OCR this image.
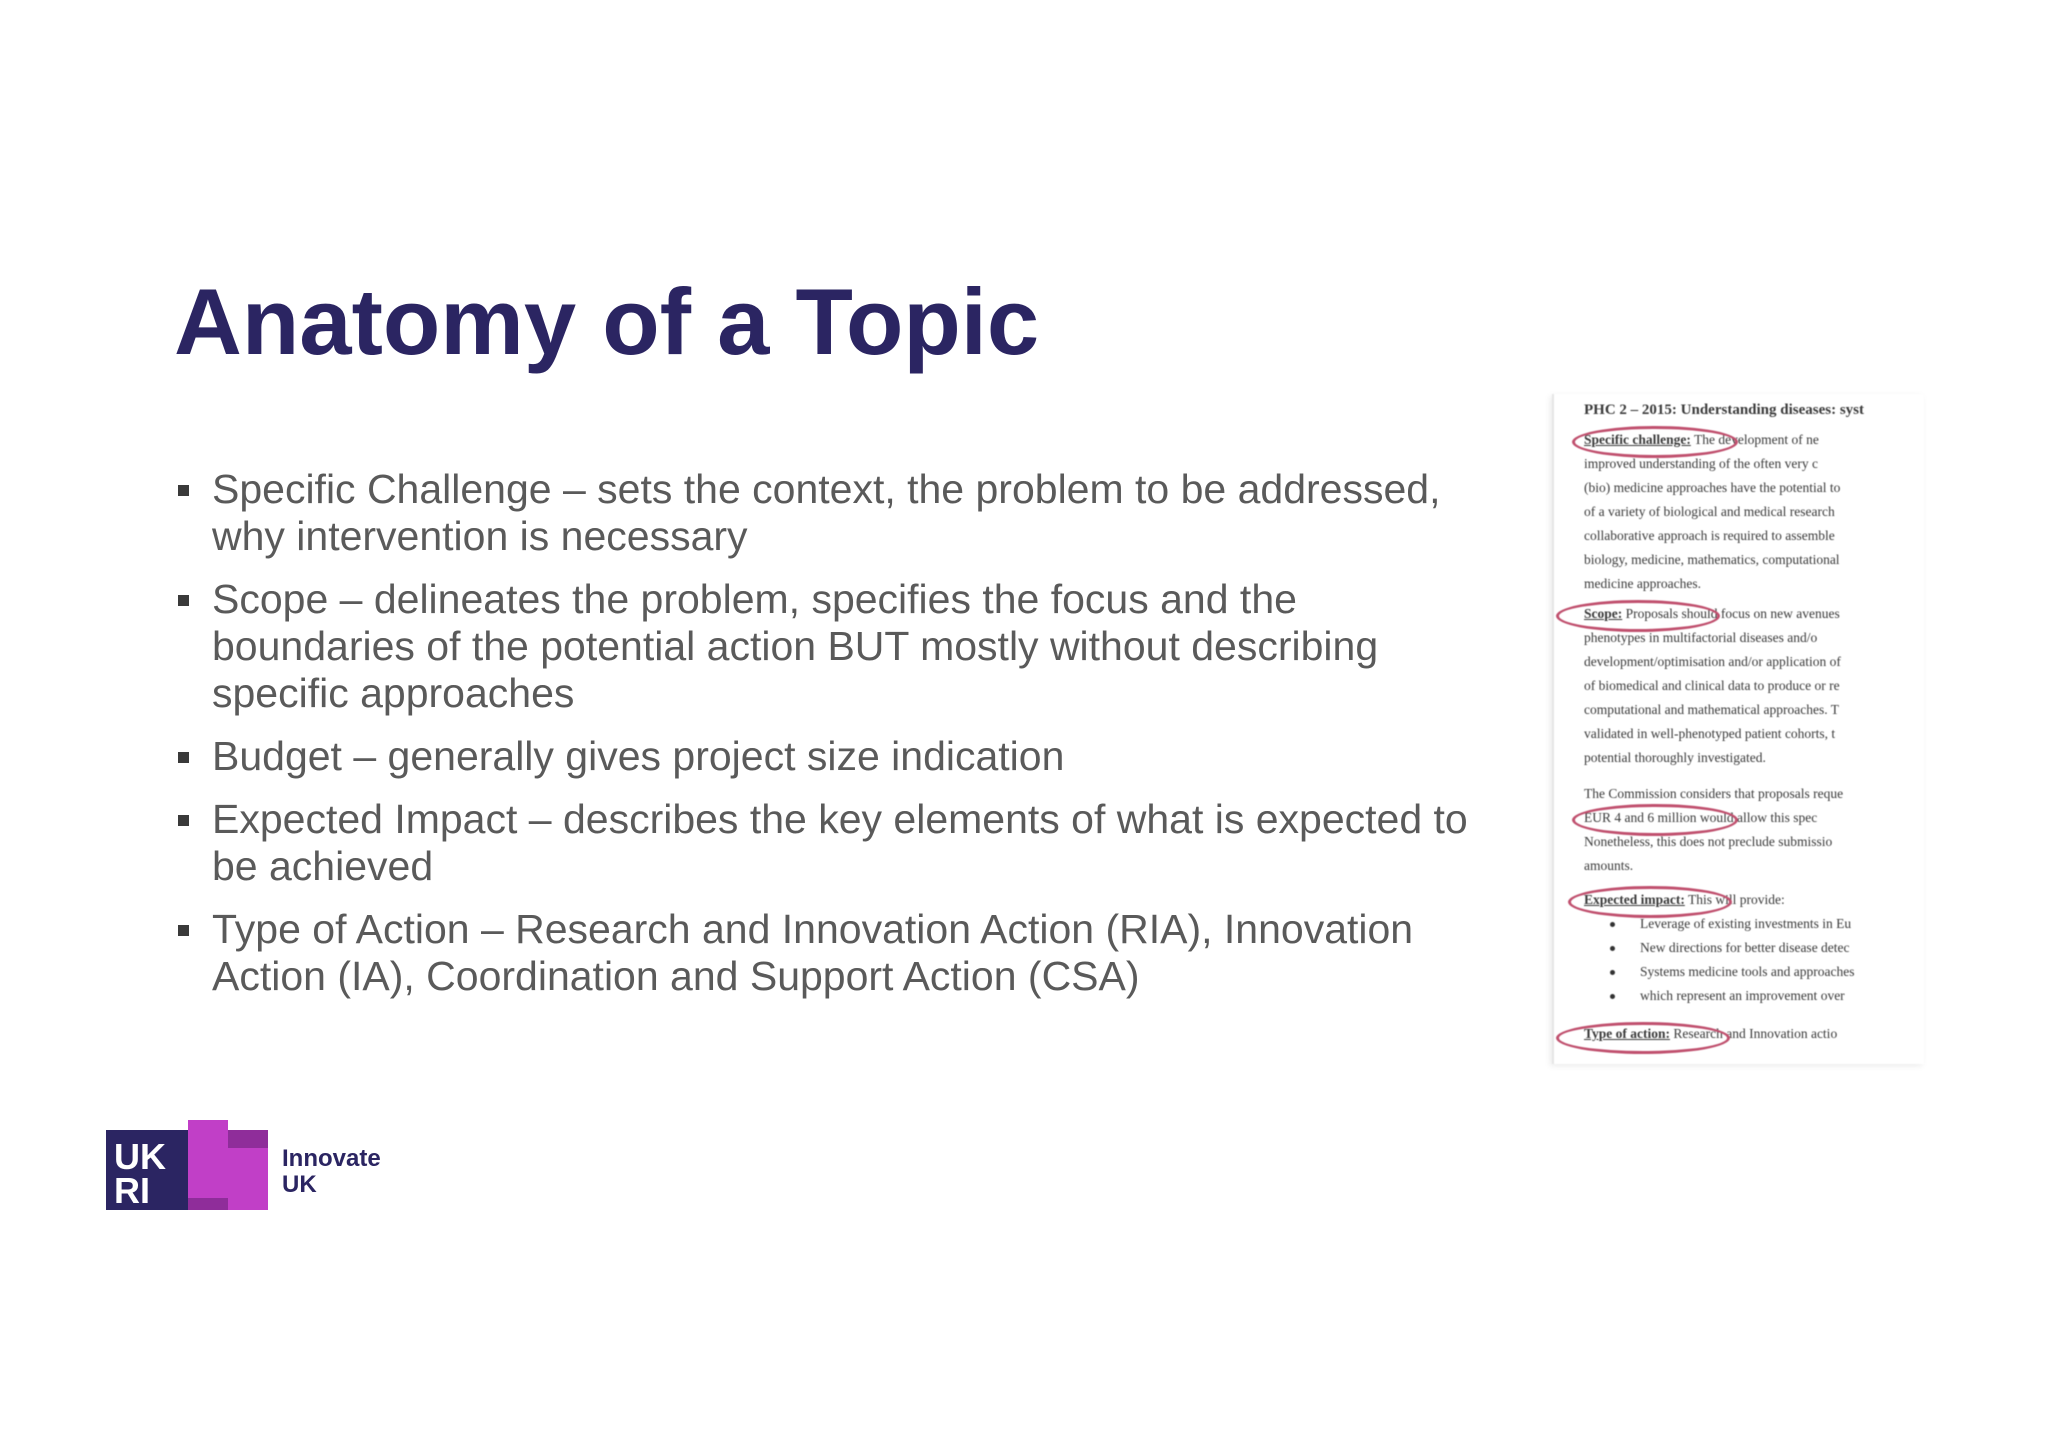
Anatomy of a Topic
Specific Challenge – sets the context, the problem to be addressed,
why intervention is necessary
Scope – delineates the problem, specifies the focus and the
boundaries of the potential action BUT mostly without describing
specific approaches
Budget – generally gives project size indication
Expected Impact – describes the key elements of what is expected to
be achieved
Type of Action – Research and Innovation Action (RIA), Innovation
Action (IA), Coordination and Support Action (CSA)
PHC 2 – 2015: Understanding diseases: syst
Specific challenge: The development of ne
improved understanding of the often very c
(bio) medicine approaches have the potential to
of a variety of biological and medical research
collaborative approach is required to assemble
biology, medicine, mathematics, computational
medicine approaches.
Scope: Proposals should focus on new avenues
phenotypes in multifactorial diseases and/o
development/optimisation and/or application of
of biomedical and clinical data to produce or re
computational and mathematical approaches. T
validated in well-phenotyped patient cohorts, t
potential thoroughly investigated.
The Commission considers that proposals reque
EUR 4 and 6 million would allow this spec
Nonetheless, this does not preclude submissio
amounts.
Expected impact: This will provide:
Leverage of existing investments in Eu
New directions for better disease detec
Systems medicine tools and approaches
which represent an improvement over
Type of action: Research and Innovation actio
UK
RI
Innovate
UK
